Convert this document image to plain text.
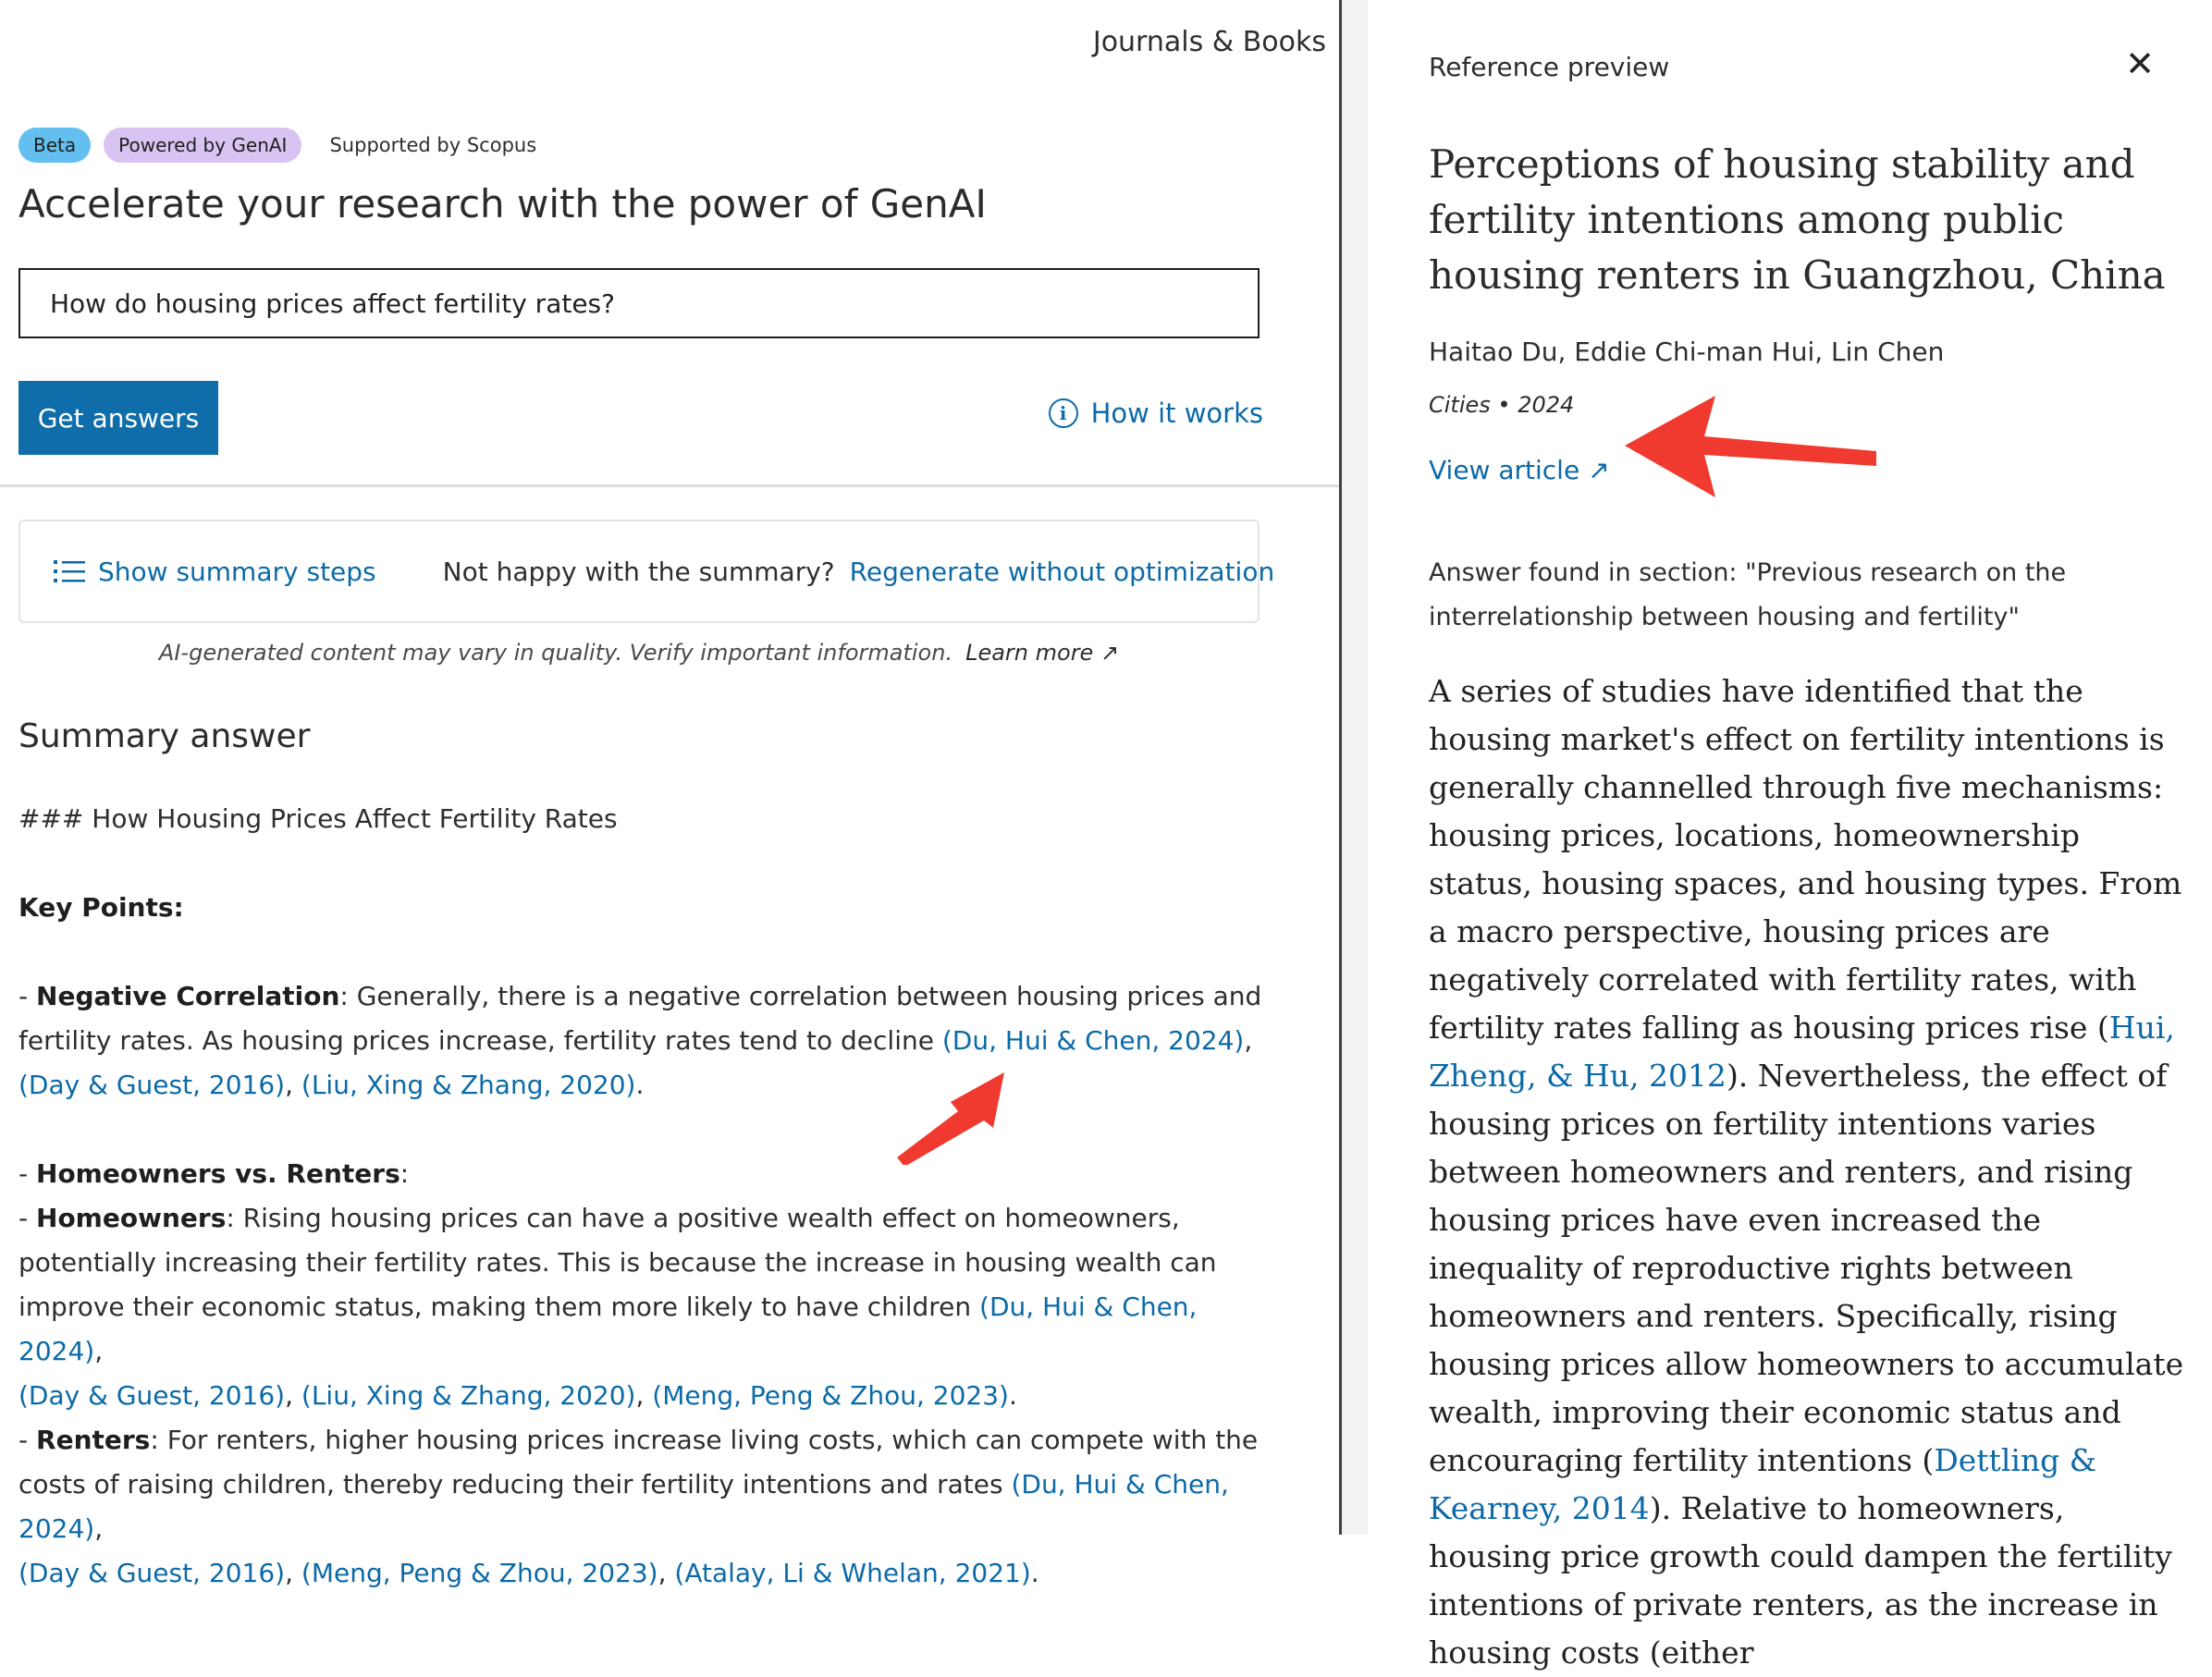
Journals & Books
Beta	Powered by GenAI	Supported by Scopus
Accelerate your research with the power of GenAI
How do housing prices affect fertility rates?
Get answers	i How it works
Show summary steps	Not happy with the summary? Regenerate without optimization
AI-generated content may vary in quality. Verify important information. Learn more ↗
Summary answer

### How Housing Prices Affect Fertility Rates

Key Points:

- Negative Correlation: Generally, there is a negative correlation between housing prices and fertility rates. As housing prices increase, fertility rates tend to decline (Du, Hui & Chen, 2024),
(Day & Guest, 2016), (Liu, Xing & Zhang, 2020).

- Homeowners vs. Renters:

- Homeowners: Rising housing prices can have a positive wealth effect on homeowners, potentially increasing their fertility rates. This is because the increase in housing wealth can improve their economic status, making them more likely to have children (Du, Hui & Chen, 2024),
(Day & Guest, 2016), (Liu, Xing & Zhang, 2020), (Meng, Peng & Zhou, 2023).

- Renters: For renters, higher housing prices increase living costs, which can compete with the costs of raising children, thereby reducing their fertility intentions and rates (Du, Hui & Chen, 2024),
(Day & Guest, 2016), (Meng, Peng & Zhou, 2023), (Atalay, Li & Whelan, 2021).

Reference preview	✕
Perceptions of housing stability and fertility intentions among public housing renters in Guangzhou, China
Haitao Du, Eddie Chi-man Hui, Lin Chen
Cities • 2024
View article ↗
Answer found in section: "Previous research on the interrelationship between housing and fertility"
A series of studies have identified that the housing market's effect on fertility intentions is generally channelled through five mechanisms: housing prices, locations, homeownership status, housing spaces, and housing types. From a macro perspective, housing prices are negatively correlated with fertility rates, with fertility rates falling as housing prices rise (Hui, Zheng, & Hu, 2012). Nevertheless, the effect of housing prices on fertility intentions varies between homeowners and renters, and rising housing prices have even increased the inequality of reproductive rights between homeowners and renters. Specifically, rising housing prices allow homeowners to accumulate wealth, improving their economic status and encouraging fertility intentions (Dettling & Kearney, 2014). Relative to homeowners, housing price growth could dampen the fertility intentions of private renters, as the increase in housing costs (either
